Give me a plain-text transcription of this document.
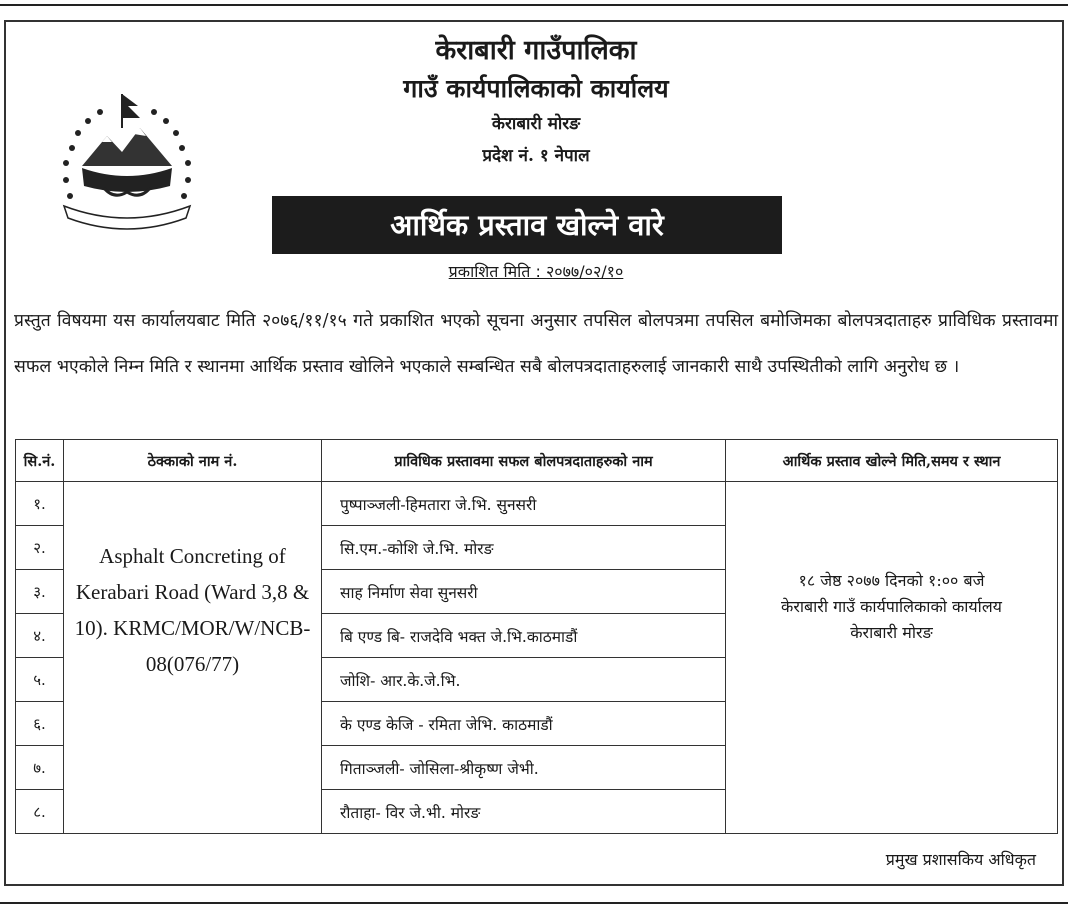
केराबारी गाउँपालिका
गाउँ कार्यपालिकाको कार्यालय
केराबारी मोरङ
प्रदेश नं. १ नेपाल
आर्थिक प्रस्ताव खोल्ने वारे
प्रकाशित मिति : २०७७/०२/१०
प्रस्तुत विषयमा यस कार्यालयबाट मिति २०७६/११/१५ गते प्रकाशित भएको सूचना अनुसार तपसिल बोलपत्रमा तपसिल बमोजिमका बोलपत्रदाताहरु प्राविधिक प्रस्तावमा सफल भएकोले निम्न मिति र स्थानमा आर्थिक प्रस्ताव खोलिने भएकाले सम्बन्धित सबै बोलपत्रदाताहरुलाई जानकारी साथै उपस्थितीको लागि अनुरोध छ ।
सि.नं.	ठेक्काको नाम नं.	प्राविधिक प्रस्तावमा सफल बोलपत्रदाताहरुको नाम	आर्थिक प्रस्ताव खोल्ने मिति,समय र स्थान
१.	Asphalt Concreting of Kerabari Road (Ward 3,8 & 10). KRMC/MOR/W/NCB-08(076/77)	पुष्पाञ्जली-हिमतारा जे.भि. सुनसरी	१८ जेष्ठ २०७७ दिनको १:०० बजे
केराबारी गाउँ कार्यपालिकाको कार्यालय
केराबारी मोरङ

२.		सि.एम.-कोशि जे.भि. मोरङ	
३.		साह निर्माण सेवा सुनसरी	
४.		बि एण्ड बि- राजदेवि भक्त जे.भि.काठमाडौं	
५.		जोशि- आर.के.जे.भि.	
६.		के एण्ड केजि - रमिता जेभि. काठमाडौं	
७.		गिताञ्जली- जोसिला-श्रीकृष्ण जेभी.	
८.		रौताहा- विर जे.भी. मोरङ	
प्रमुख प्रशासकिय अधिकृत
